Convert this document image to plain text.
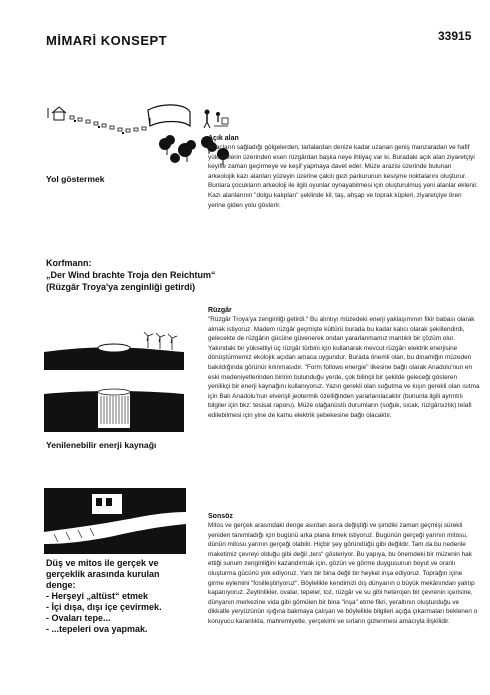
MİMARİ KONSEPT	33915
Yol göstermek
Açık alan

Ağaçların sağladığı gölgelerden, tarlalardan denize kadar uzanan geniş manzaradan ve hafif yükseltilerin üzerinden esen rüzgârdan başka neye ihtiyaç var ki. Buradaki açık alan ziyaretçiyi keyifle zaman geçirmeye ve keşif yapmaya davet eder. Müze arazisi üzerinde bulunan arkeolojik kazı alanları yüzeyin üzerine çakılı gezi parkurunun kesişme noktalarını oluşturur. Bunlara çocukların arkeoloji ile ilgili oyunlar oynayabilmesi için oluşturulmuş yeni alanlar eklenir. Kazı alanlarının "dolgu kalıpları" şeklinde kil, taş, ahşap ve toprak küpleri, ziyaretçiye ören yerine giden yolu gösterir.

Korfmann:
„Der Wind brachte Troja den Reichtum“
(Rüzgâr Troya'ya zenginliği getirdi)
Yenilenebilir enerji kaynağı
Rüzgâr

"Rüzgâr Troya'ya zenginliği getirdi." Bu alıntıyı müzedeki enerji yaklaşımının fikir babası olarak almak istiyoruz. Madem rüzgâr geçmişte kültürü burada bu kadar kalıcı olarak şekillendirdi, gelecekte de rüzgârın gücüne güvenerek ondan yararlanmamız mantıklı bir çözüm olur. Yakındaki bir yükseltiyi üç rüzgâr türbini için kullanarak mevcut rüzgârı elektrik enerjisine dönüştürmemiz ekolojik açıdan amaca uygundur. Burada önemli olan, bu dinamiğin müzeden bakıldığında görünür kılınmasıdır. "Form follows energie" ilkesine bağlı olarak Anadolu'nun en eski medeniyetlerinden birinin bulunduğu yerde, çok bilinçli bir şekilde geleceği gösteren yenilikçi bir enerji kaynağını kullanıyoruz. Yazın gerekli olan soğutma ve kışın gerekli olan ısıtma için Batı Anadolu'nun elverişli jeotermik özelliğinden yararlanılacaktır (bununla ilgili ayrıntılı bilgiler için bkz: tesisat raporu). Müze olağanüstü durumların (soğuk, sıcak, rüzgârsızlık) telafi edilebilmesi için yine de kamu elektrik şebekesine bağlı olacaktır.

Düş ve mitos ile gerçek ve
gerçeklik arasında kurulan
denge:
- Herşeyi „altüst“ etmek
- İçi dışa, dışı içe çevirmek.
- Ovaları tepe...
- ...tepeleri ova yapmak.
Sonsöz

Mitos ve gerçek arasındaki denge asırdan asıra değiştiği ve şimdiki zaman geçmişi sürekli yeniden tanımladığı için bugünü arka plana itmek istiyoruz. Bugünün gerçeği yarının mitosu, dünün mitosu yarının gerçeği olabilir. Hiçbir şey göründüğü gibi değildir. Tam da bu nedenle maketimiz çevreyi olduğu gibi değil „ters“ gösteriyor. Bu yapıya, bu önemdeki bir müzenin hak ettiği sunum zenginliğini kazandırmak için, gözün ve görme duygusunun boyut ve oranlı oluşturma gücünü yok ediyoruz. Yanı bir bina değil bir heykel inşa ediyoruz. Toprağın içine girme eylemini "fosilleştiriyoruz". Böylelikle kendimizi dış dünyanın o büyük mekânından yalıtıp kapanıyoruz. Zeytinlikler, ovalar, tepeler, toz, rüzgâr ve su gibi heterojen bir çevrenin içerisine, dünyanın merkezine vida gibi gömülen bir bina "inşa" etme fikri, yeraltının oluşturduğu ve dikkatle yeryüzünün ışığına bakmaya çalışan ve böylelikle bilgileri açığa çıkarmaları beklenen o koruyucu karanlıkla, mahremiyetle, yerçekimi ve sırların gizlenmesi amacıyla ilişkilidir.
